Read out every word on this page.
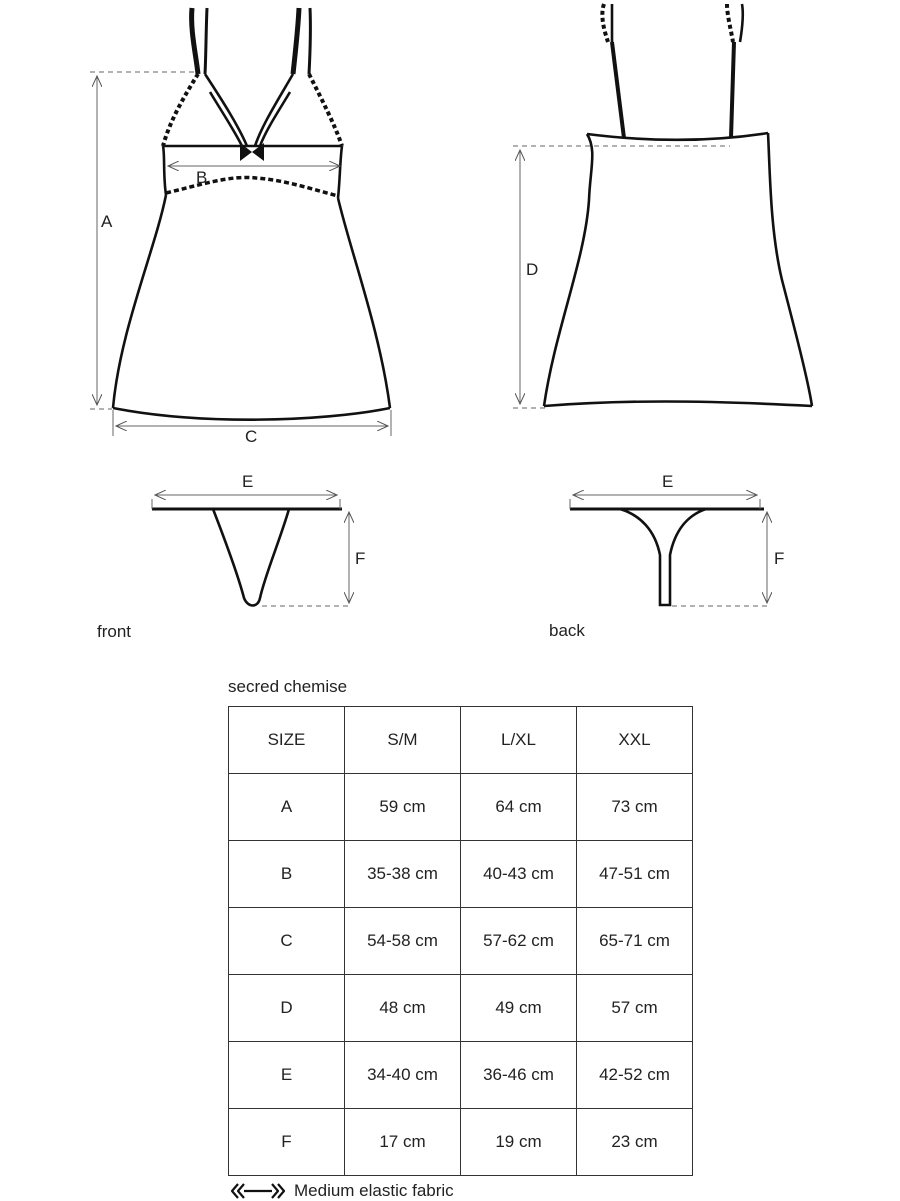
A
B
C
D
E
F
E
F
front	back
secred chemise
SIZE	S/M	L/XL	XXL
A	59 cm	64 cm	73 cm
B	35-38 cm	40-43 cm	47-51 cm
C	54-58 cm	57-62 cm	65-71 cm
D	48 cm	49 cm	57 cm
E	34-40 cm	36-46 cm	42-52 cm
F	17 cm	19 cm	23 cm
Medium elastic fabric
